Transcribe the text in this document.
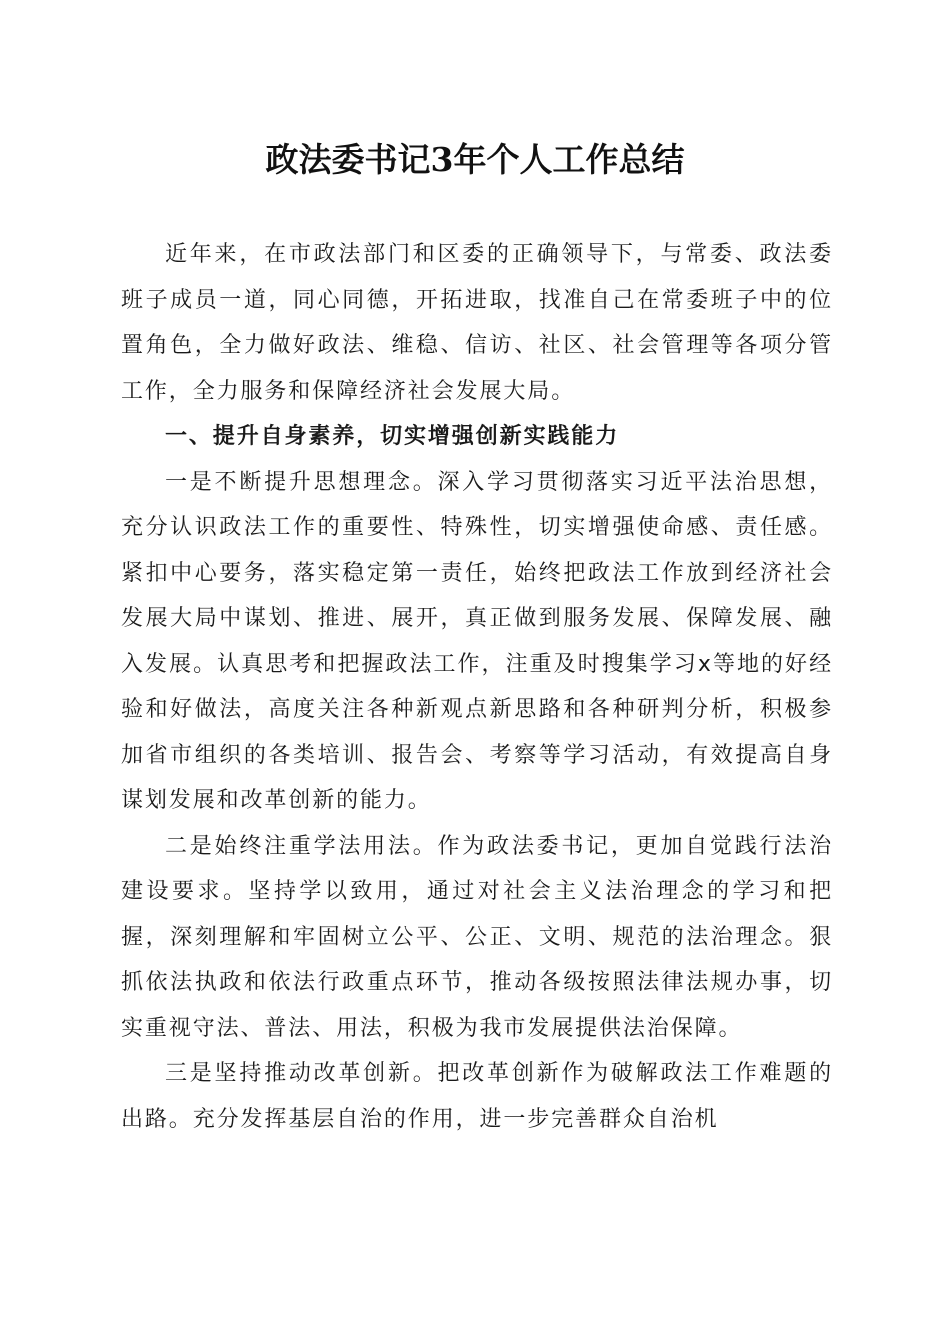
政法委书记3年个人工作总结

近年来，在市政法部门和区委的正确领导下，与常委、政法委班子成员一道，同心同德，开拓进取，找准自己在常委班子中的位置角色，全力做好政法、维稳、信访、社区、社会管理等各项分管工作，全力服务和保障经济社会发展大局。

一、提升自身素养，切实增强创新实践能力

一是不断提升思想理念。深入学习贯彻落实习近平法治思想，充分认识政法工作的重要性、特殊性，切实增强使命感、责任感。紧扣中心要务，落实稳定第一责任，始终把政法工作放到经济社会发展大局中谋划、推进、展开，真正做到服务发展、保障发展、融入发展。认真思考和把握政法工作，注重及时搜集学习x等地的好经验和好做法，高度关注各种新观点新思路和各种研判分析，积极参加省市组织的各类培训、报告会、考察等学习活动，有效提高自身谋划发展和改革创新的能力。

二是始终注重学法用法。作为政法委书记，更加自觉践行法治建设要求。坚持学以致用，通过对社会主义法治理念的学习和把握，深刻理解和牢固树立公平、公正、文明、规范的法治理念。狠抓依法执政和依法行政重点环节，推动各级按照法律法规办事，切实重视守法、普法、用法，积极为我市发展提供法治保障。

三是坚持推动改革创新。把改革创新作为破解政法工作难题的出路。充分发挥基层自治的作用，进一步完善群众自治机
